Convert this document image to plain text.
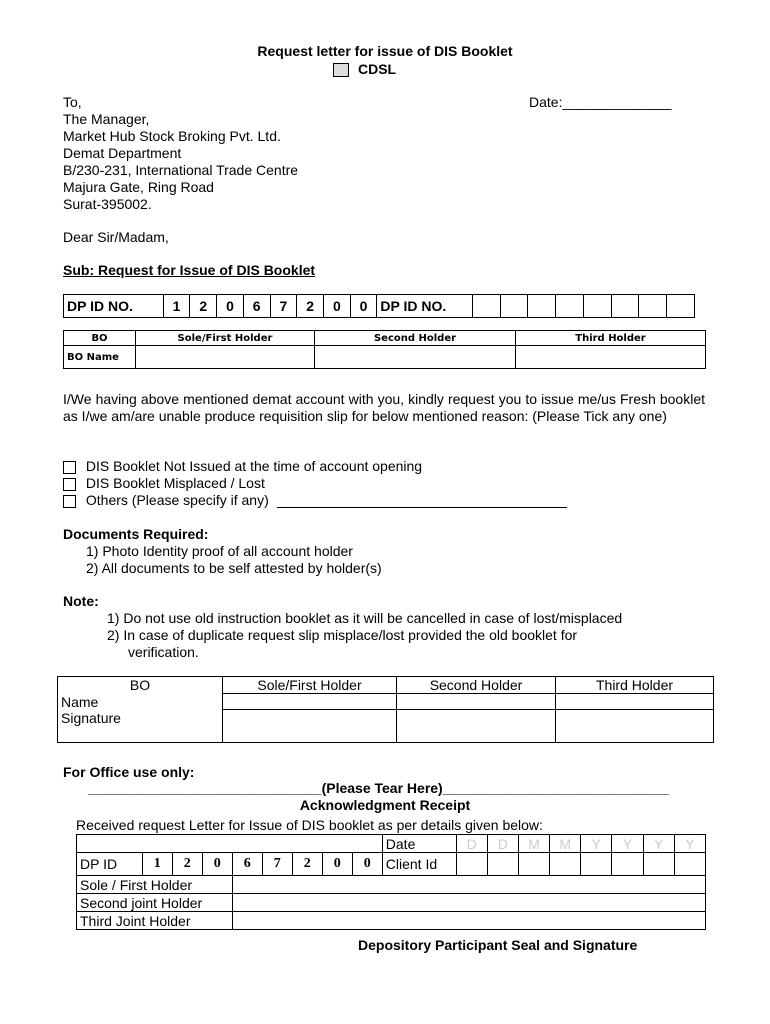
Request letter for issue of DIS Booklet
CDSL
To,	Date:______________
The Manager,
Market Hub Stock Broking Pvt. Ltd.
Demat Department
B/230-231, International Trade Centre
Majura Gate, Ring Road
Surat-395002.
Dear Sir/Madam,
Sub: Request for Issue of DIS Booklet
DP ID NO.	1	2	0	6	7	2	0	0	DP ID NO.								
BO	Sole/First Holder	Second Holder	Third Holder
BO Name			
I/We having above mentioned demat account with you, kindly request you to issue me/us Fresh booklet as I/we am/are unable produce requisition slip for below mentioned reason: (Please Tick any one)
DIS Booklet Not Issued at the time of account opening
DIS Booklet Misplaced / Lost
Others (Please specify if any)
Documents Required:
1) Photo Identity proof of all account holder
2) All documents to be self attested by holder(s)
Note:
1) Do not use old instruction booklet as it will be cancelled in case of lost/misplaced
2) In case of duplicate request slip misplace/lost provided the old booklet for
verification.
BO	Sole/First Holder	Second Holder	Third Holder
Name			
Signature			
For Office use only:
______________________________(Please Tear Here)_____________________________
Acknowledgment Receipt
Received request Letter for Issue of DIS booklet as per details given below:
									Date	D	D	M	M	Y	Y	Y	Y
DP ID	1	2	0	6	7	2	0	0	Client Id								
Sole / First Holder																	
Second joint Holder																	
Third Joint Holder																	
Depository Participant Seal and Signature
